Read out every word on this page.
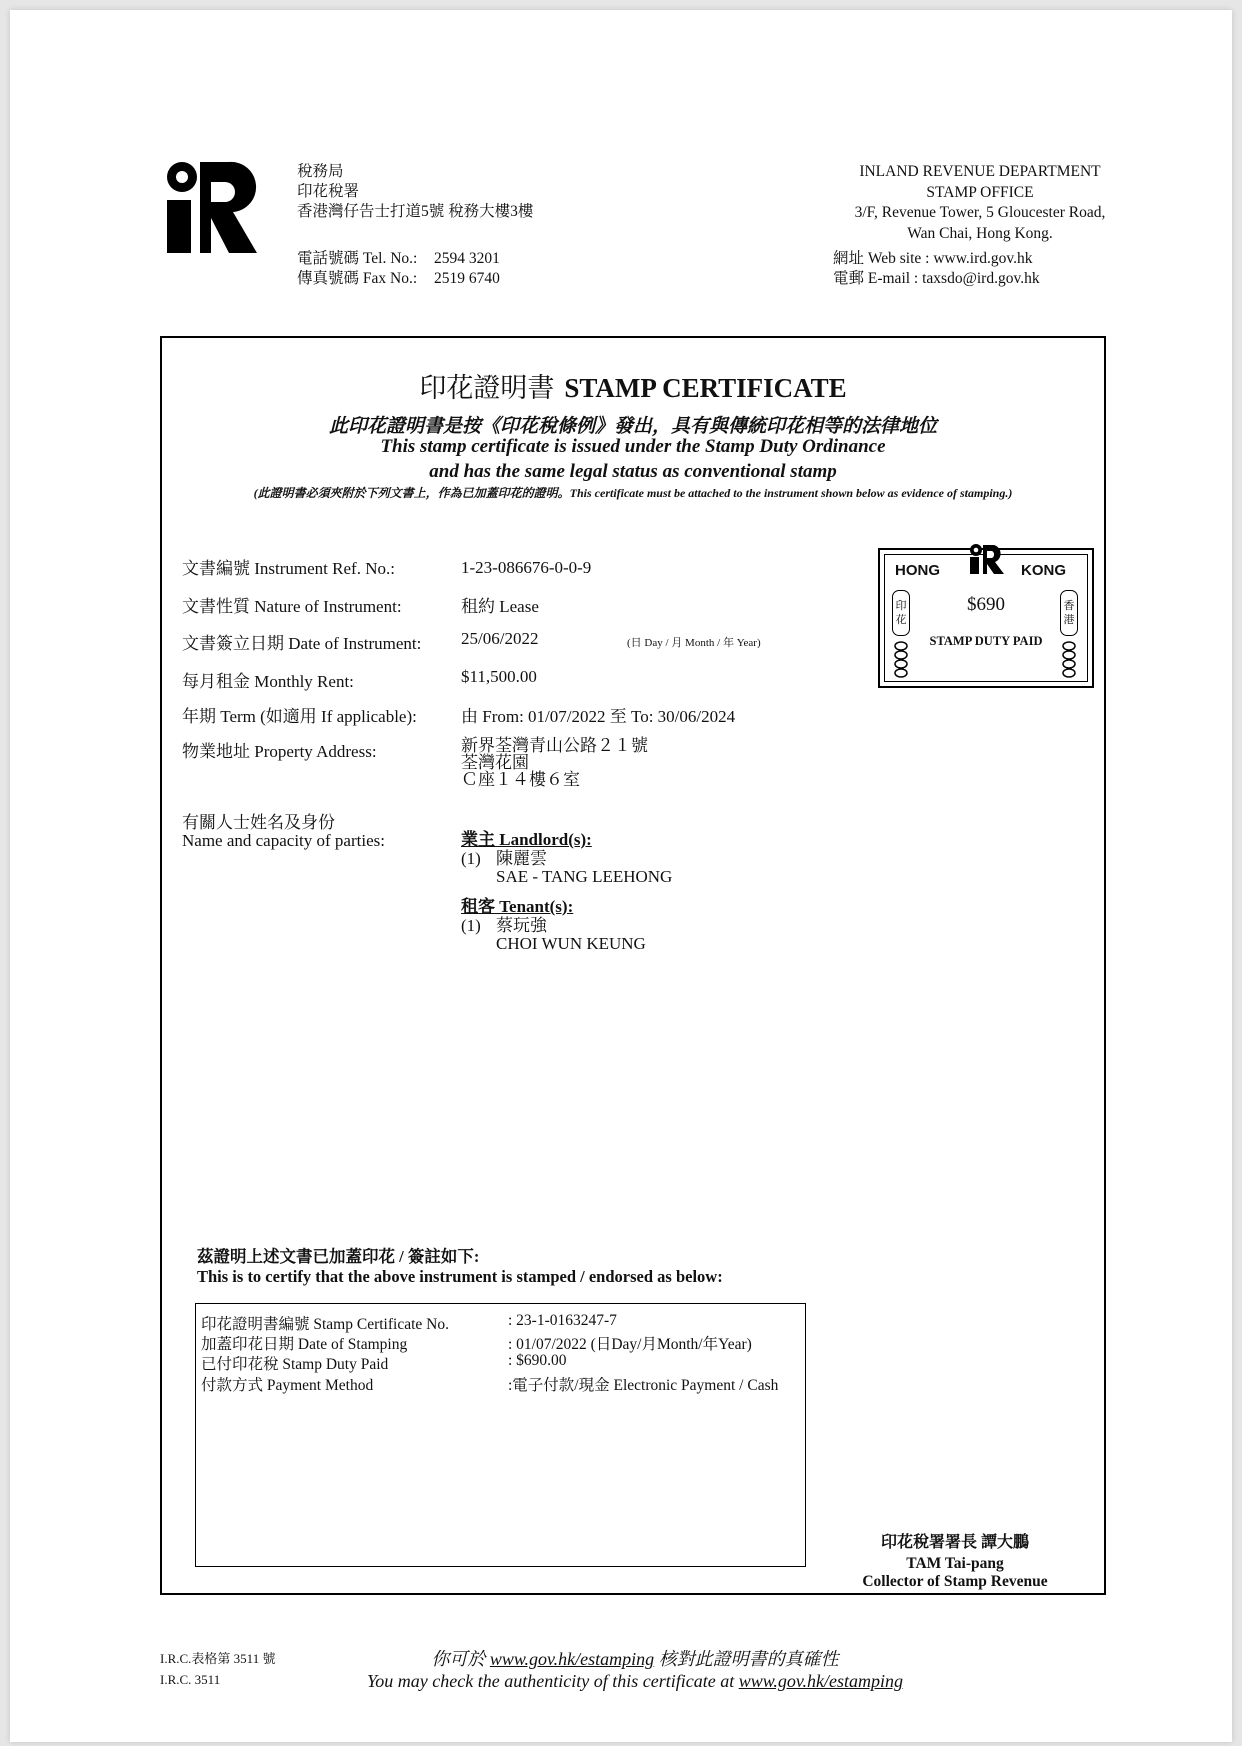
稅務局
印花稅署
香港灣仔告士打道5號 稅務大樓3樓
電話號碼 Tel. No.: 2594 3201
傳真號碼 Fax No.: 2519 6740
INLAND REVENUE DEPARTMENT
STAMP OFFICE
3/F, Revenue Tower, 5 Gloucester Road,
Wan Chai, Hong Kong.
網址 Web site : www.ird.gov.hk
電郵 E-mail : taxsdo@ird.gov.hk
印花證明書 STAMP CERTIFICATE
此印花證明書是按《印花稅條例》發出，具有與傳統印花相等的法律地位
This stamp certificate is issued under the Stamp Duty Ordinance
and has the same legal status as conventional stamp
(此證明書必須夾附於下列文書上，作為已加蓋印花的證明。This certificate must be attached to the instrument shown below as evidence of stamping.)
文書編號 Instrument Ref. No.:	1-23-086676-0-0-9
文書性質 Nature of Instrument:	租約 Lease
文書簽立日期 Date of Instrument: 25/06/2022	(日 Day / 月 Month / 年 Year)
每月租金 Monthly Rent:	$11,500.00
年期 Term (如適用 If applicable):	由 From: 01/07/2022 至 To: 30/06/2024
物業地址 Property Address:	新界荃灣青山公路２１號
荃灣花園
Ｃ座１４樓６室
有關人士姓名及身份
Name and capacity of parties:	業主 Landlord(s):
(1) 陳麗雲
SAE - TANG LEEHONG
租客 Tenant(s):
(1) 蔡玩強
CHOI WUN KEUNG
HONG	KONG
$690
STAMP DUTY PAID
印
花
香
港
茲證明上述文書已加蓋印花 / 簽註如下:
This is to certify that the above instrument is stamped / endorsed as below:
印花證明書編號 Stamp Certificate No.	: 23-1-0163247-7
加蓋印花日期 Date of Stamping	: 01/07/2022 (日Day/月Month/年Year)
已付印花稅 Stamp Duty Paid	: $690.00
付款方式 Payment Method	:電子付款/現金 Electronic Payment / Cash
印花稅署署長 譚大鵬
TAM Tai-pang
Collector of Stamp Revenue
I.R.C.表格第 3511 號
I.R.C. 3511
你可於 www.gov.hk/estamping 核對此證明書的真確性
You may check the authenticity of this certificate at www.gov.hk/estamping
